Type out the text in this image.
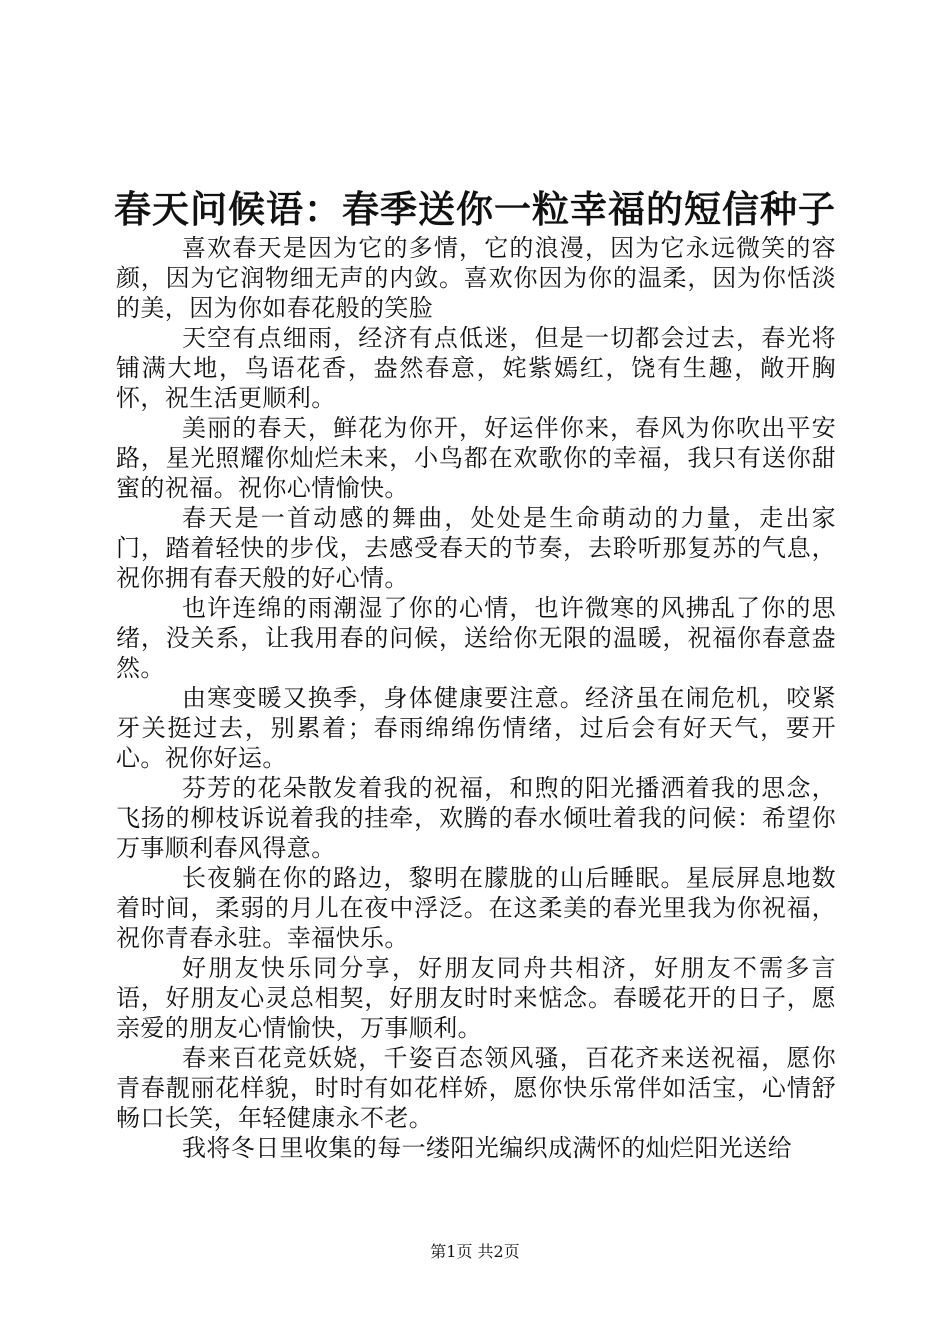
春天问候语：春季送你一粒幸福的短信种子

喜欢春天是因为它的多情，它的浪漫，因为它永远微笑的容颜，因为它润物细无声的内敛。喜欢你因为你的温柔，因为你恬淡的美，因为你如春花般的笑脸

天空有点细雨，经济有点低迷，但是一切都会过去，春光将铺满大地，鸟语花香，盎然春意，姹紫嫣红，饶有生趣，敞开胸怀，祝生活更顺利。

美丽的春天，鲜花为你开，好运伴你来，春风为你吹出平安路，星光照耀你灿烂未来，小鸟都在欢歌你的幸福，我只有送你甜蜜的祝福。祝你心情愉快。

春天是一首动感的舞曲，处处是生命萌动的力量，走出家门，踏着轻快的步伐，去感受春天的节奏，去聆听那复苏的气息，祝你拥有春天般的好心情。

也许连绵的雨潮湿了你的心情，也许微寒的风拂乱了你的思绪，没关系，让我用春的问候，送给你无限的温暖，祝福你春意盎然。

由寒变暖又换季，身体健康要注意。经济虽在闹危机，咬紧牙关挺过去，别累着；春雨绵绵伤情绪，过后会有好天气，要开心。祝你好运。

芬芳的花朵散发着我的祝福，和煦的阳光播洒着我的思念，飞扬的柳枝诉说着我的挂牵，欢腾的春水倾吐着我的问候：希望你万事顺利春风得意。

长夜躺在你的路边，黎明在朦胧的山后睡眠。星辰屏息地数着时间，柔弱的月儿在夜中浮泛。在这柔美的春光里我为你祝福，祝你青春永驻。幸福快乐。

好朋友快乐同分享，好朋友同舟共相济，好朋友不需多言语，好朋友心灵总相契，好朋友时时来惦念。春暖花开的日子，愿亲爱的朋友心情愉快，万事顺利。

春来百花竞妖娆，千姿百态领风骚，百花齐来送祝福，愿你青春靓丽花样貌，时时有如花样娇，愿你快乐常伴如活宝，心情舒畅口长笑，年轻健康永不老。

我将冬日里收集的每一缕阳光编织成满怀的灿烂阳光送给

第1页 共2页
